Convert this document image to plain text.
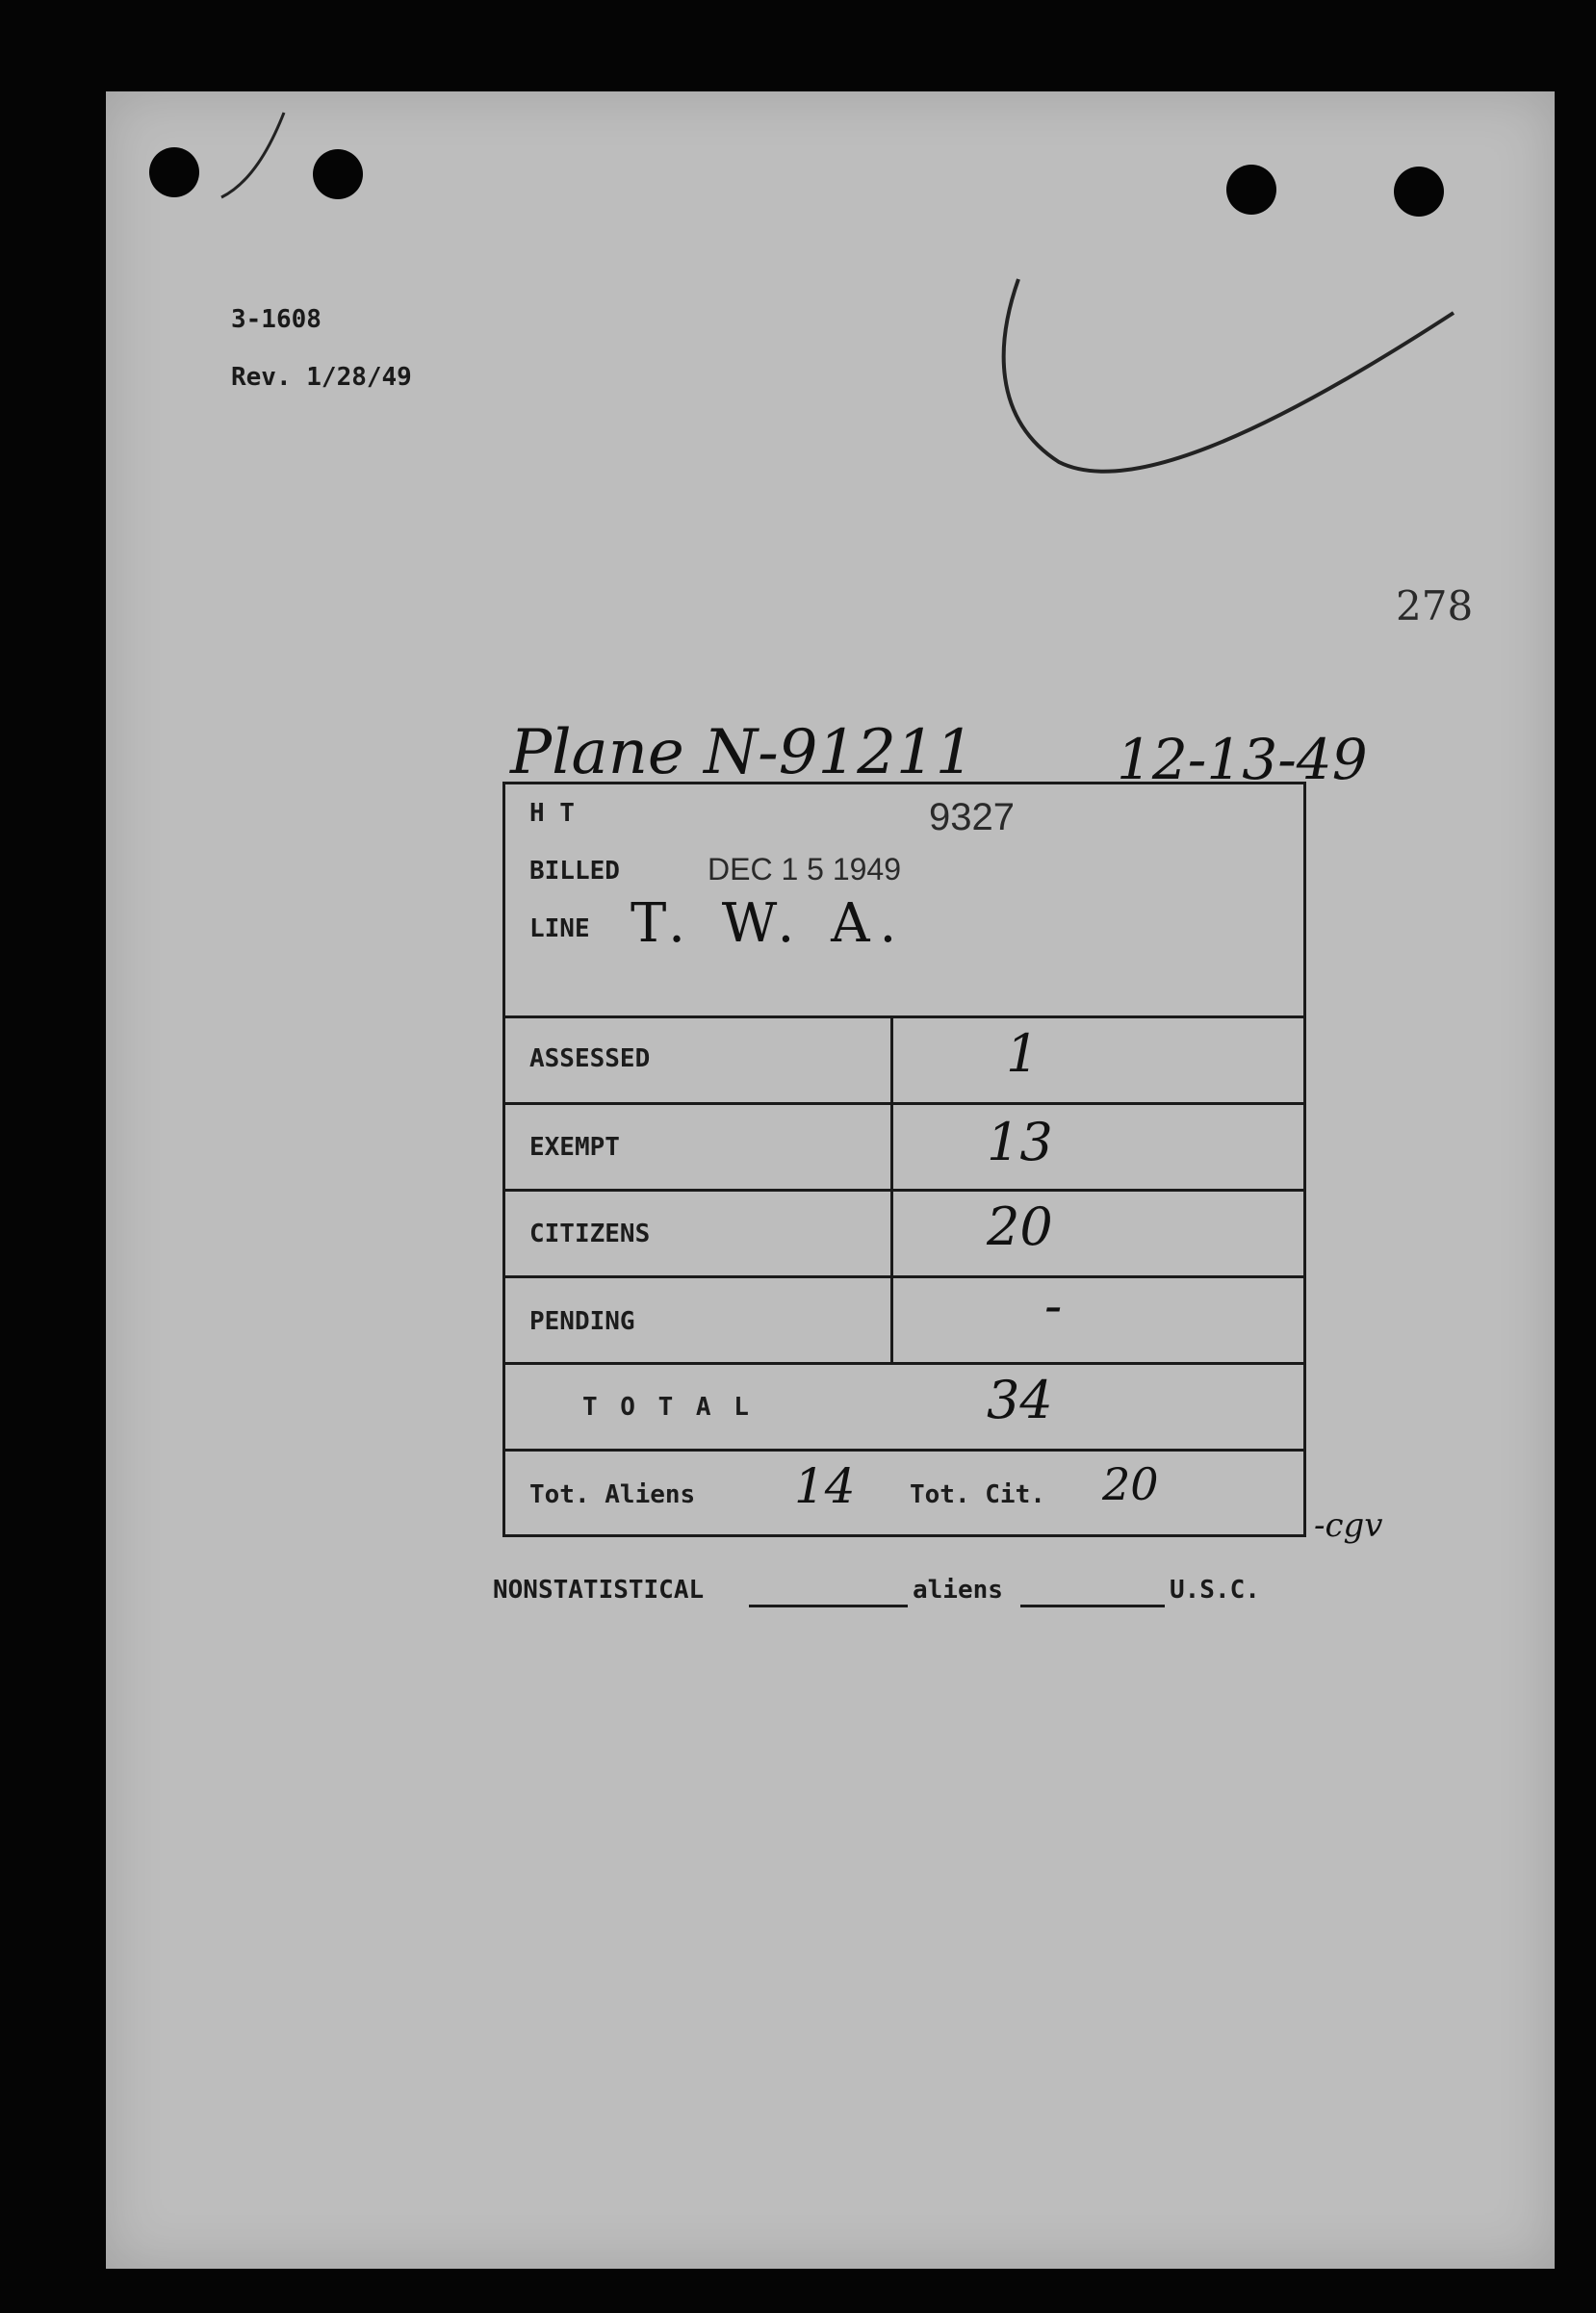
3-1608
Rev. 1/28/49
278
Plane N-91211	12-13-49
H T	9327
BILLED	DEC 1 5 1949
LINE T. W. A.
ASSESSED	1
EXEMPT	13
CITIZENS	20
PENDING	-
T O T A L	34
Tot. Aliens 14 Tot. Cit. 20
-cgv
NONSTATISTICAL	aliens	U.S.C.
